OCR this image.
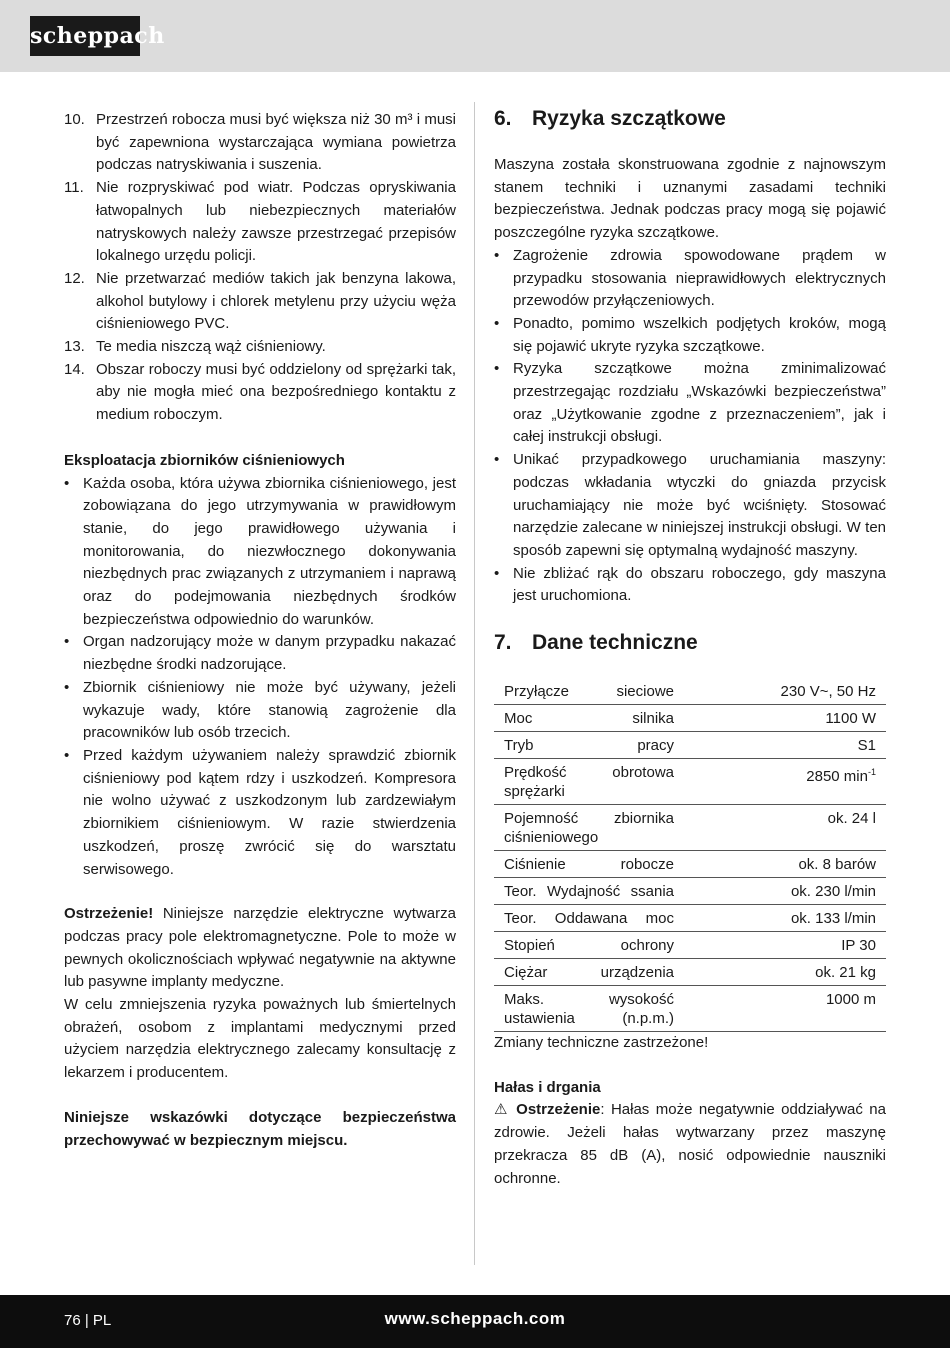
scheppach
10. Przestrzeń robocza musi być większa niż 30 m³ i musi być zapewniona wystarczająca wymiana powietrza podczas natryskiwania i suszenia.
11. Nie rozpryskiwać pod wiatr. Podczas opryskiwania łatwopalnych lub niebezpiecznych materiałów natryskowych należy zawsze przestrzegać przepisów lokalnego urzędu policji.
12. Nie przetwarzać mediów takich jak benzyna lakowa, alkohol butylowy i chlorek metylenu przy użyciu węża ciśnieniowego PVC.
13. Te media niszczą wąż ciśnieniowy.
14. Obszar roboczy musi być oddzielony od sprężarki tak, aby nie mogła mieć ona bezpośredniego kontaktu z medium roboczym.
Eksploatacja zbiorników ciśnieniowych
• Każda osoba, która używa zbiornika ciśnieniowego, jest zobowiązana do jego utrzymywania w prawidłowym stanie, do jego prawidłowego używania i monitorowania, do niezwłocznego dokonywania niezbędnych prac związanych z utrzymaniem i naprawą oraz do podejmowania niezbędnych środków bezpieczeństwa odpowiednio do warunków.
• Organ nadzorujący może w danym przypadku nakazać niezbędne środki nadzorujące.
• Zbiornik ciśnieniowy nie może być używany, jeżeli wykazuje wady, które stanowią zagrożenie dla pracowników lub osób trzecich.
• Przed każdym używaniem należy sprawdzić zbiornik ciśnieniowy pod kątem rdzy i uszkodzeń. Kompresora nie wolno używać z uszkodzonym lub zardzewiałym zbiornikiem ciśnieniowym. W razie stwierdzenia uszkodzeń, proszę zwrócić się do warsztatu serwisowego.
Ostrzeżenie! Niniejsze narzędzie elektryczne wytwarza podczas pracy pole elektromagnetyczne. Pole to może w pewnych okolicznościach wpływać negatywnie na aktywne lub pasywne implanty medyczne.
W celu zmniejszenia ryzyka poważnych lub śmiertelnych obrażeń, osobom z implantami medycznymi przed użyciem narzędzia elektrycznego zalecamy konsultację z lekarzem i producentem.
Niniejsze wskazówki dotyczące bezpieczeństwa przechowywać w bezpiecznym miejscu.
6. Ryzyka szczątkowe
Maszyna została skonstruowana zgodnie z najnowszym stanem techniki i uznanymi zasadami techniki bezpieczeństwa. Jednak podczas pracy mogą się pojawić poszczególne ryzyka szczątkowe.
• Zagrożenie zdrowia spowodowane prądem w przypadku stosowania nieprawidłowych elektrycznych przewodów przyłączeniowych.
• Ponadto, pomimo wszelkich podjętych kroków, mogą się pojawić ukryte ryzyka szczątkowe.
• Ryzyka szczątkowe można zminimalizować przestrzegając rozdziału „Wskazówki bezpieczeństwa” oraz „Użytkowanie zgodne z przeznaczeniem”, jak i całej instrukcji obsługi.
• Unikać przypadkowego uruchamiania maszyny: podczas wkładania wtyczki do gniazda przycisk uruchamiający nie może być wciśnięty. Stosować narzędzie zalecane w niniejszej instrukcji obsługi. W ten sposób zapewni się optymalną wydajność maszyny.
• Nie zbliżać rąk do obszaru roboczego, gdy maszyna jest uruchomiona.
7. Dane techniczne
Przyłącze sieciowe	230 V~, 50 Hz
Moc silnika	1100 W
Tryb pracy	S1
Prędkość obrotowa sprężarki	2850 $\min^{-1}$
Pojemność zbiornika ciśnieniowego	ok. 24 l
Ciśnienie robocze	ok. 8 barów
Teor. Wydajność ssania	ok. 230 l/min
Teor. Oddawana moc	ok. 133 l/min
Stopień ochrony	IP 30
Ciężar urządzenia	ok. 21 kg
Maks. wysokość ustawienia (n.p.m.)	1000 m
Zmiany techniczne zastrzeżone!
Hałas i drgania
⚠ Ostrzeżenie: Hałas może negatywnie oddziaływać na zdrowie. Jeżeli hałas wytwarzany przez maszynę przekracza 85 dB (A), nosić odpowiednie nauszniki ochronne.
76 | PL	www.scheppach.com
